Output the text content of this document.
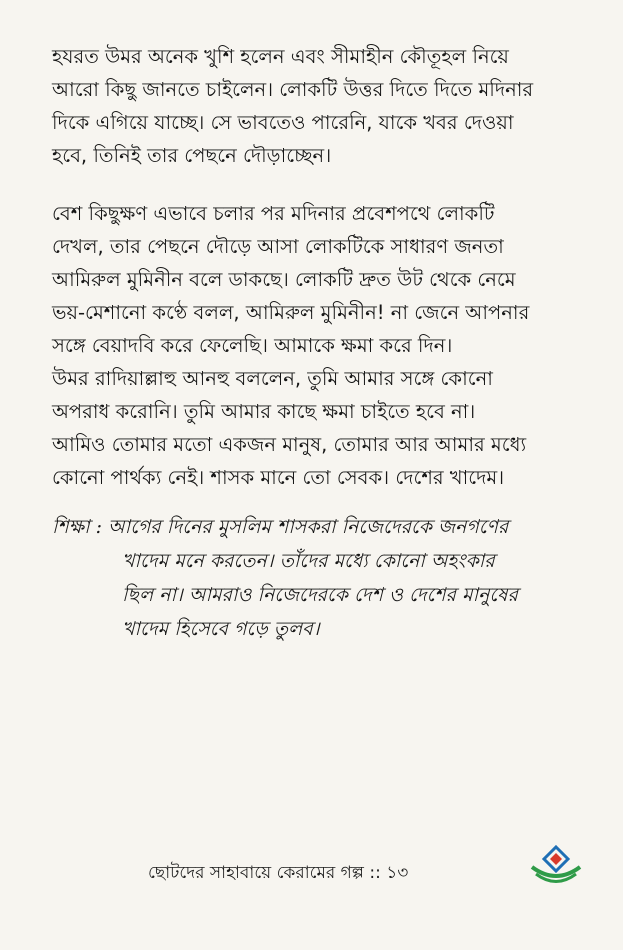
হযরত উমর অনেক খুশি হলেন এবং সীমাহীন কৌতূহল নিয়ে
আরো কিছু জানতে চাইলেন। লোকটি উত্তর দিতে দিতে মদিনার
দিকে এগিয়ে যাচ্ছে। সে ভাবতেও পারেনি, যাকে খবর দেওয়া
হবে, তিনিই তার পেছনে দৌড়াচ্ছেন।
বেশ কিছুক্ষণ এভাবে চলার পর মদিনার প্রবেশপথে লোকটি
দেখল, তার পেছনে দৌড়ে আসা লোকটিকে সাধারণ জনতা
আমিরুল মুমিনীন বলে ডাকছে। লোকটি দ্রুত উট থেকে নেমে
ভয়-মেশানো কণ্ঠে বলল, আমিরুল মুমিনীন! না জেনে আপনার
সঙ্গে বেয়াদবি করে ফেলেছি। আমাকে ক্ষমা করে দিন।
উমর রাদিয়াল্লাহু আনহু বললেন, তুমি আমার সঙ্গে কোনো
অপরাধ করোনি। তুমি আমার কাছে ক্ষমা চাইতে হবে না।
আমিও তোমার মতো একজন মানুষ, তোমার আর আমার মধ্যে
কোনো পার্থক্য নেই। শাসক মানে তো সেবক। দেশের খাদেম।
শিক্ষা : আগের দিনের মুসলিম শাসকরা নিজেদেরকে জনগণের
খাদেম মনে করতেন। তাঁদের মধ্যে কোনো অহংকার
ছিল না। আমরাও নিজেদেরকে দেশ ও দেশের মানুষের
খাদেম হিসেবে গড়ে তুলব।
ছোটদের সাহাবায়ে কেরামের গল্প :: ১৩
